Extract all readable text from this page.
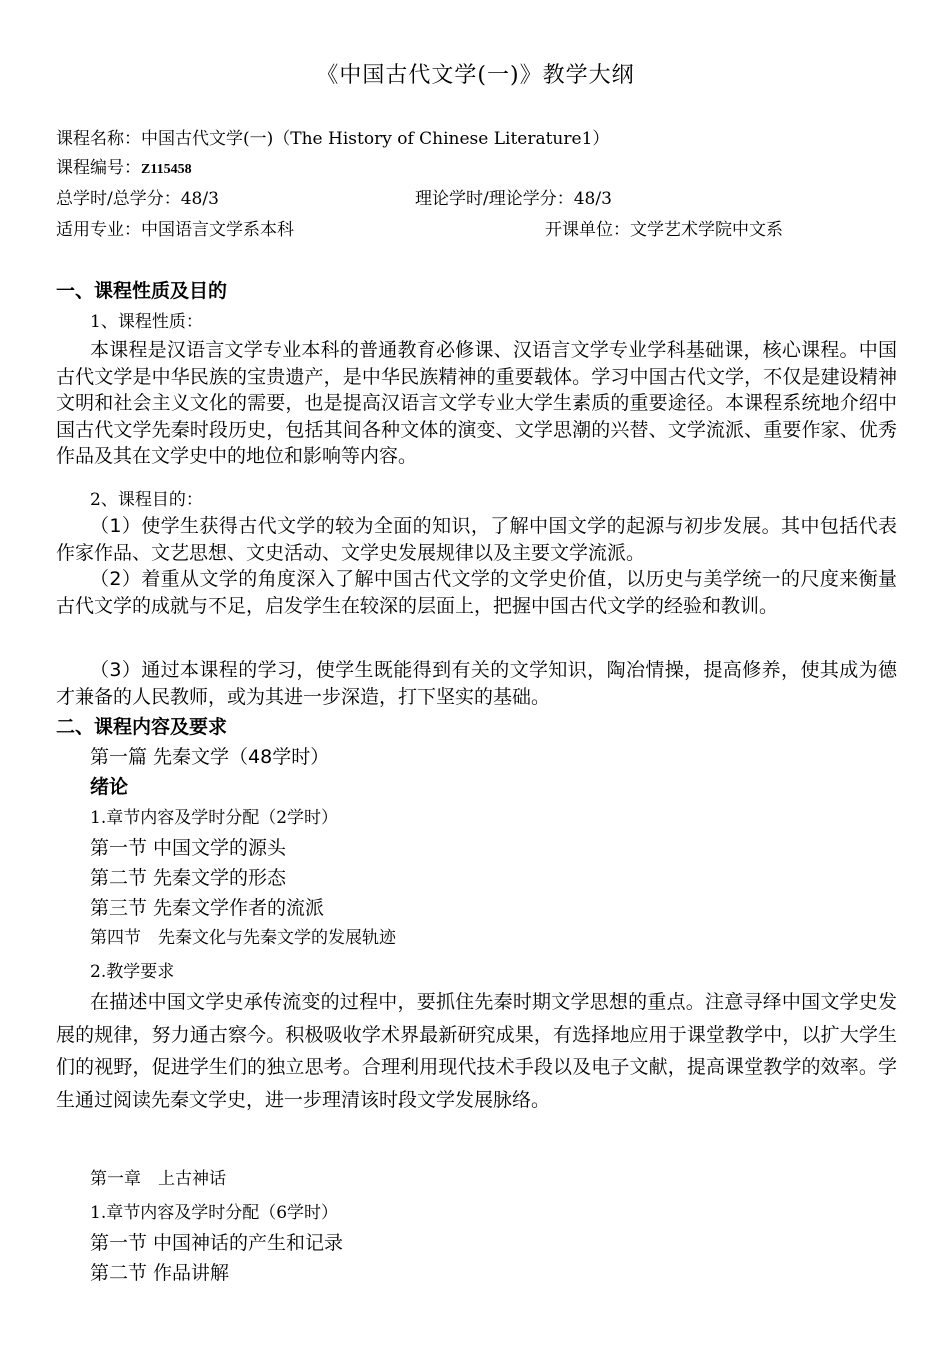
《中国古代文学(一)》教学大纲
课程名称：中国古代文学(一)（The History of Chinese Literature1）
课程编号：Z115458
总学时/总学分：48/3	理论学时/理论学分：48/3
适用专业：中国语言文学系本科	开课单位：文学艺术学院中文系
一、课程性质及目的
1、课程性质：

本课程是汉语言文学专业本科的普通教育必修课、汉语言文学专业学科基础课，核心课程。中国古代文学是中华民族的宝贵遗产，是中华民族精神的重要载体。学习中国古代文学，不仅是建设精神文明和社会主义文化的需要，也是提高汉语言文学专业大学生素质的重要途径。本课程系统地介绍中国古代文学先秦时段历史，包括其间各种文体的演变、文学思潮的兴替、文学流派、重要作家、优秀作品及其在文学史中的地位和影响等内容。

2、课程目的：

（1）使学生获得古代文学的较为全面的知识，了解中国文学的起源与初步发展。其中包括代表作家作品、文艺思想、文史活动、文学史发展规律以及主要文学流派。

（2）着重从文学的角度深入了解中国古代文学的文学史价值，以历史与美学统一的尺度来衡量古代文学的成就与不足，启发学生在较深的层面上，把握中国古代文学的经验和教训。

（3）通过本课程的学习，使学生既能得到有关的文学知识，陶冶情操，提高修养，使其成为德才兼备的人民教师，或为其进一步深造，打下坚实的基础。

二、课程内容及要求
第一篇 先秦文学（48学时）
绪论
1.章节内容及学时分配（2学时）
第一节 中国文学的源头
第二节 先秦文学的形态
第三节 先秦文学作者的流派
第四节　先秦文化与先秦文学的发展轨迹
2.教学要求

在描述中国文学史承传流变的过程中，要抓住先秦时期文学思想的重点。注意寻绎中国文学史发展的规律，努力通古察今。积极吸收学术界最新研究成果，有选择地应用于课堂教学中，以扩大学生们的视野，促进学生们的独立思考。合理利用现代技术手段以及电子文献，提高课堂教学的效率。学生通过阅读先秦文学史，进一步理清该时段文学发展脉络。

第一章　上古神话
1.章节内容及学时分配（6学时）
第一节 中国神话的产生和记录
第二节 作品讲解
